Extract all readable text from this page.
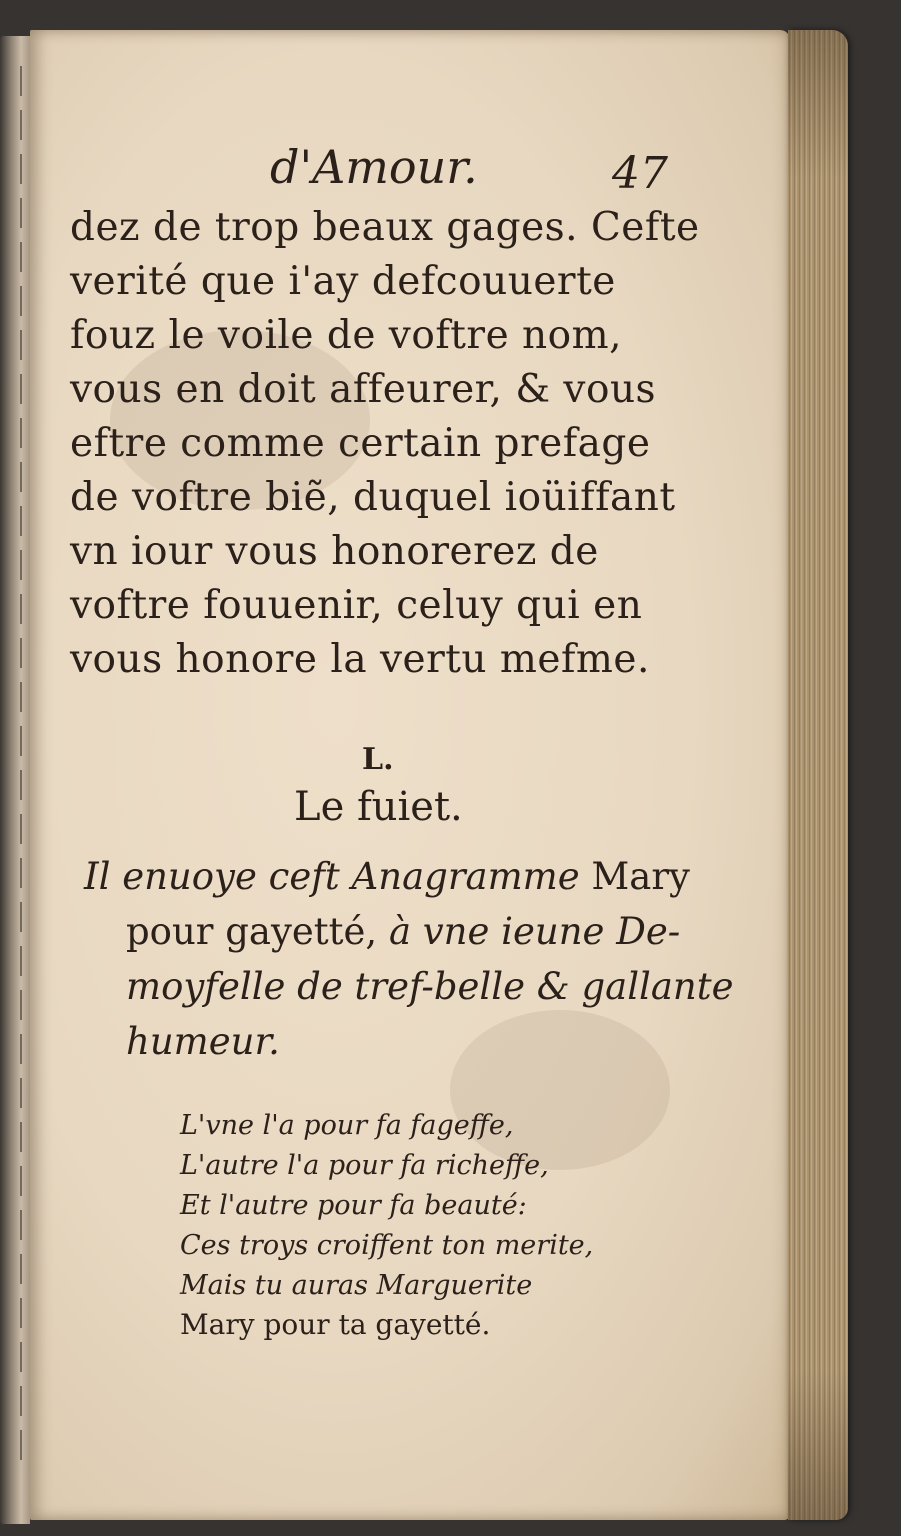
d'Amour.	47

dez de trop beaux gages. Cefte

verité que i'ay defcouuerte

fouz le voile de voftre nom,

vous en doit affeurer, & vous

eftre comme certain prefage

de voftre biẽ, duquel ioüiffant

vn iour vous honorerez de

voftre fouuenir, celuy qui en

vous honore la vertu mefme.

L.

Le fuiet.

Il enuoye ceft Anagramme Mary

pour gayetté, à vne ieune De-

moyfelle de tref-belle & gallante

humeur.

L'vne l'a pour fa fageffe,

L'autre l'a pour fa richeffe,

Et l'autre pour fa beauté:

Ces troys croiffent ton merite,

Mais tu auras Marguerite

Mary pour ta gayetté.
